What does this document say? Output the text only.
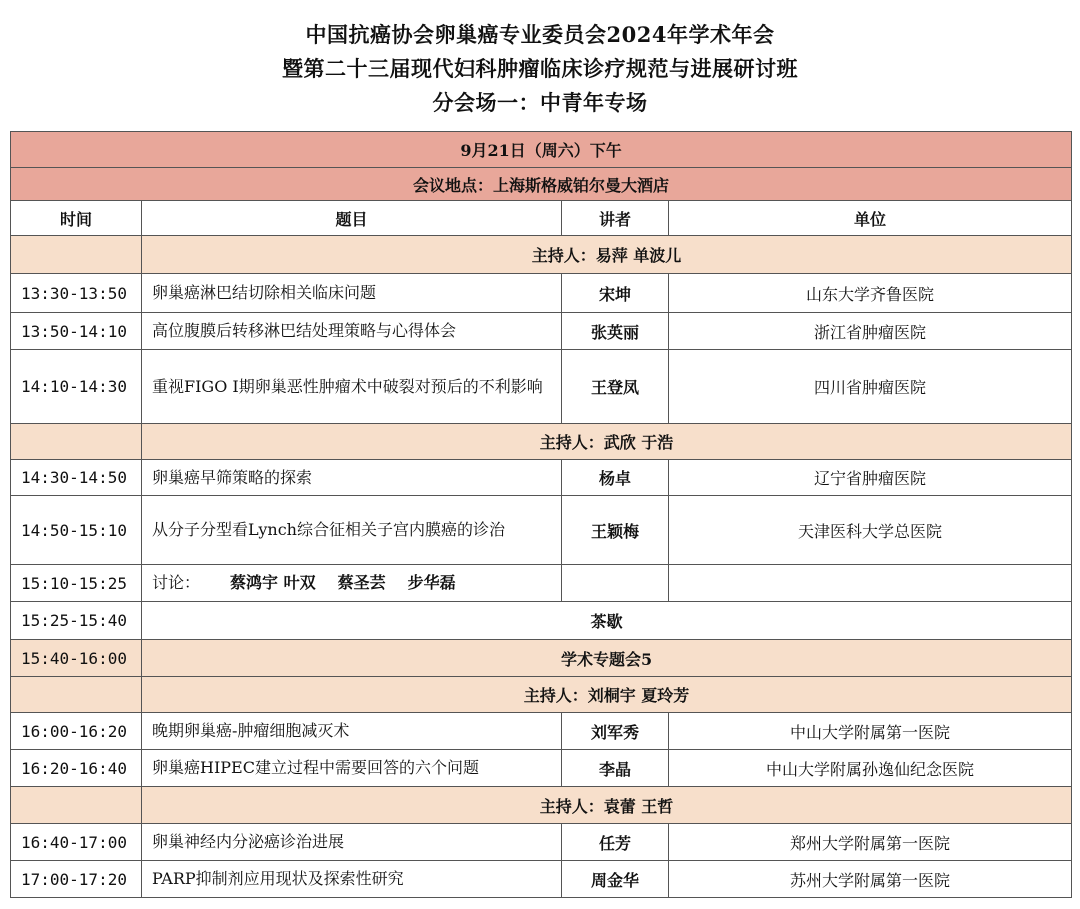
中国抗癌协会卵巢癌专业委员会2024年学术年会
暨第二十三届现代妇科肿瘤临床诊疗规范与进展研讨班
分会场一：中青年专场
9月21日（周六）下午			
会议地点：上海斯格威铂尔曼大酒店			
时间	题目	讲者	单位
	主持人：易萍 单波儿		
13:30-13:50	卵巢癌淋巴结切除相关临床问题	宋坤	山东大学齐鲁医院
13:50-14:10	高位腹膜后转移淋巴结处理策略与心得体会	张英丽	浙江省肿瘤医院
14:10-14:30	重视FIGO I期卵巢恶性肿瘤术中破裂对预后的不利影响	王登凤	四川省肿瘤医院
	主持人：武欣 于浩		
14:30-14:50	卵巢癌早筛策略的探索	杨卓	辽宁省肿瘤医院
14:50-15:10	从分子分型看Lynch综合征相关子宫内膜癌的诊治	王颖梅	天津医科大学总医院
15:10-15:25	讨论： 蔡鸿宇 叶双 蔡圣芸 步华磊		
15:25-15:40	茶歇		
15:40-16:00	学术专题会5		
	主持人：刘桐宇 夏玲芳		
16:00-16:20	晚期卵巢癌-肿瘤细胞减灭术	刘军秀	中山大学附属第一医院
16:20-16:40	卵巢癌HIPEC建立过程中需要回答的六个问题	李晶	中山大学附属孙逸仙纪念医院
	主持人：袁蕾 王哲		
16:40-17:00	卵巢神经内分泌癌诊治进展	任芳	郑州大学附属第一医院
17:00-17:20	PARP抑制剂应用现状及探索性研究	周金华	苏州大学附属第一医院
